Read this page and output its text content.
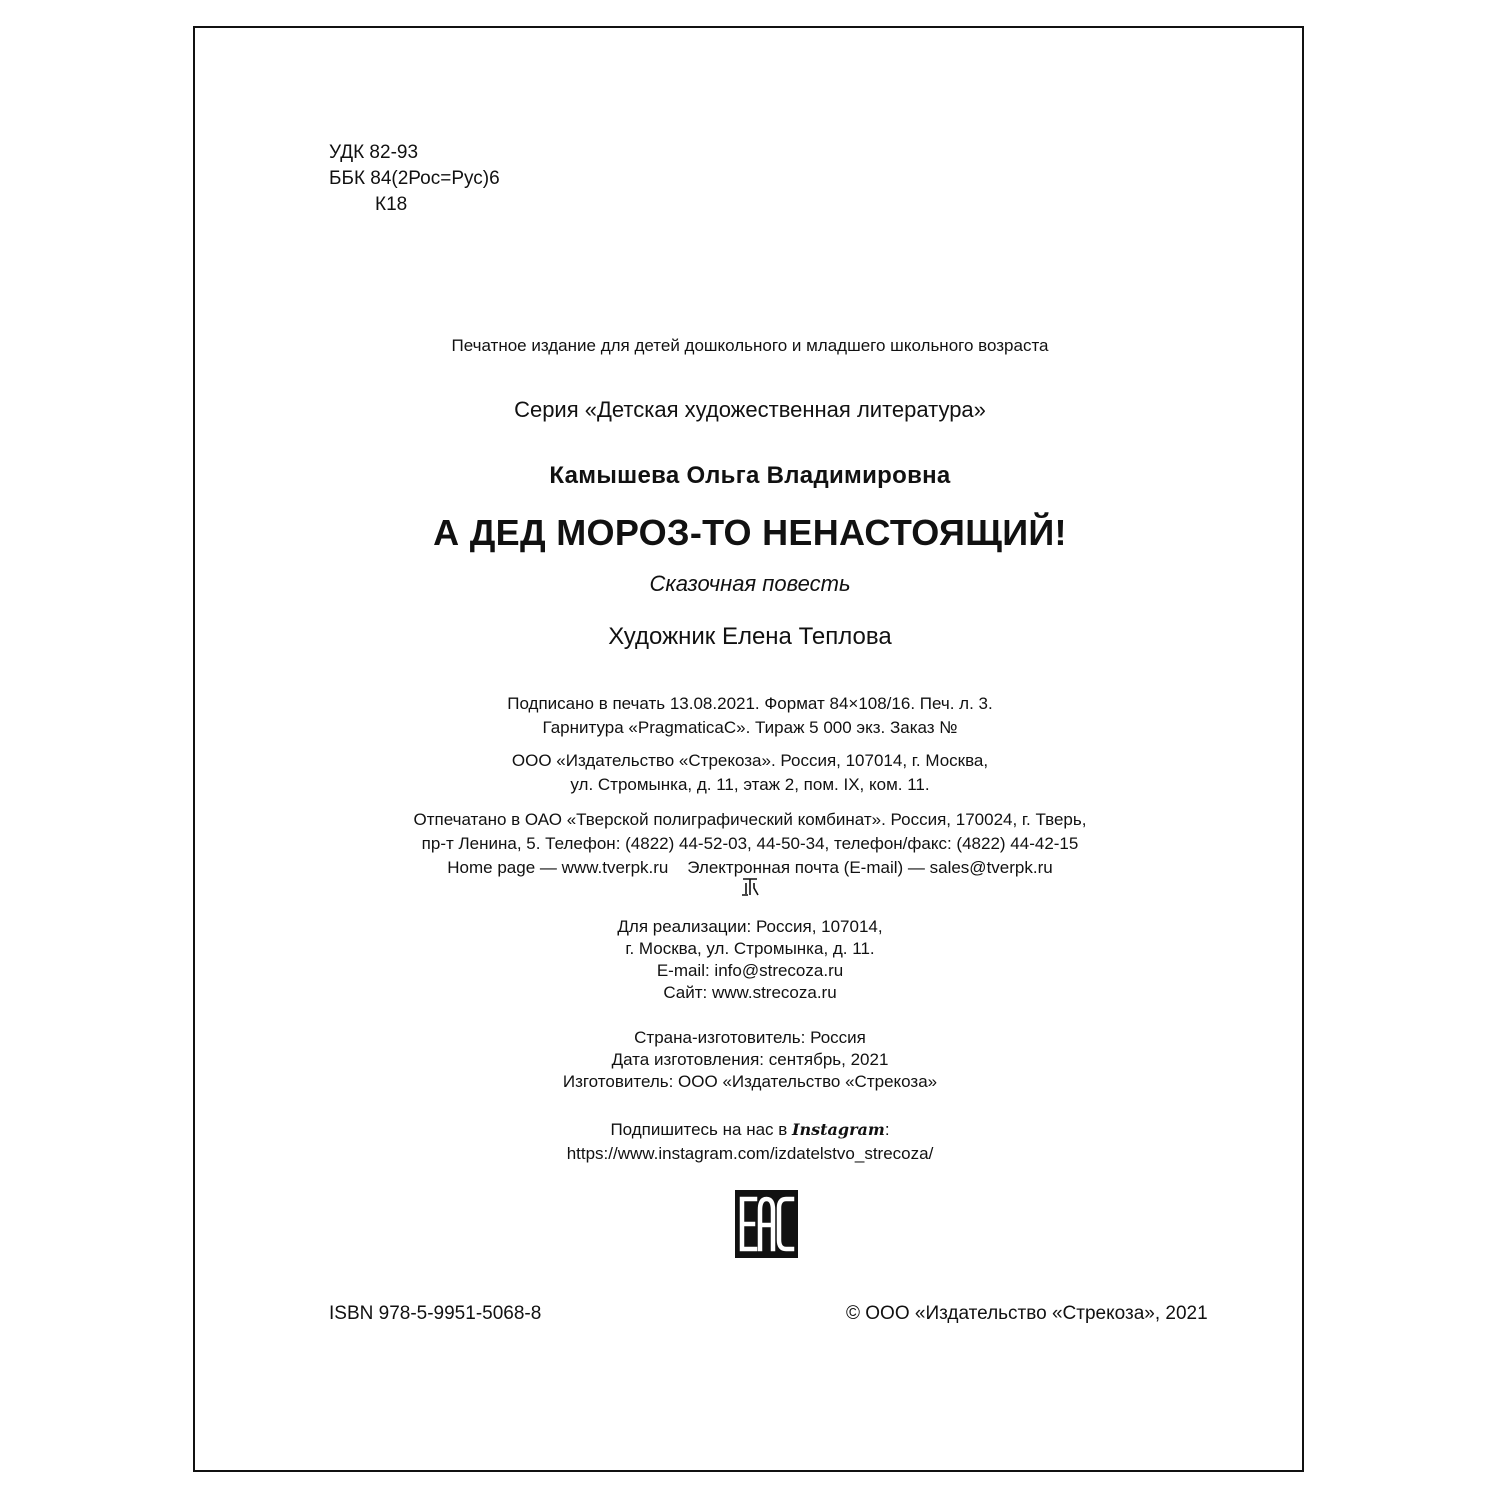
УДК 82-93
ББК 84(2Рос=Рус)6
К18
Печатное издание для детей дошкольного и младшего школьного возраста
Серия «Детская художественная литература»
Камышева Ольга Владимировна
А ДЕД МОРОЗ-ТО НЕНАСТОЯЩИЙ!
Сказочная повесть
Художник Елена Теплова
Подписано в печать 13.08.2021. Формат 84×108/16. Печ. л. 3.
Гарнитура «PragmaticaC». Тираж 5 000 экз. Заказ №
ООО «Издательство «Стрекоза». Россия, 107014, г. Москва,
ул. Стромынка, д. 11, этаж 2, пом. IX, ком. 11.
Отпечатано в ОАО «Тверской полиграфический комбинат». Россия, 170024, г. Тверь,
пр-т Ленина, 5. Телефон: (4822) 44-52-03, 44-50-34, телефон/факс: (4822) 44-42-15
Home page — www.tverpk.ru    Электронная почта (E-mail) — sales@tverpk.ru
Для реализации: Россия, 107014,
г. Москва, ул. Стромынка, д. 11.
E-mail: info@strecoza.ru
Сайт: www.strecoza.ru
Страна-изготовитель: Россия
Дата изготовления: сентябрь, 2021
Изготовитель: ООО «Издательство «Стрекоза»
Подпишитесь на нас в Instagram:
https://www.instagram.com/izdatelstvo_strecoza/
ISBN 978-5-9951-5068-8	© ООО «Издательство «Стрекоза», 2021
